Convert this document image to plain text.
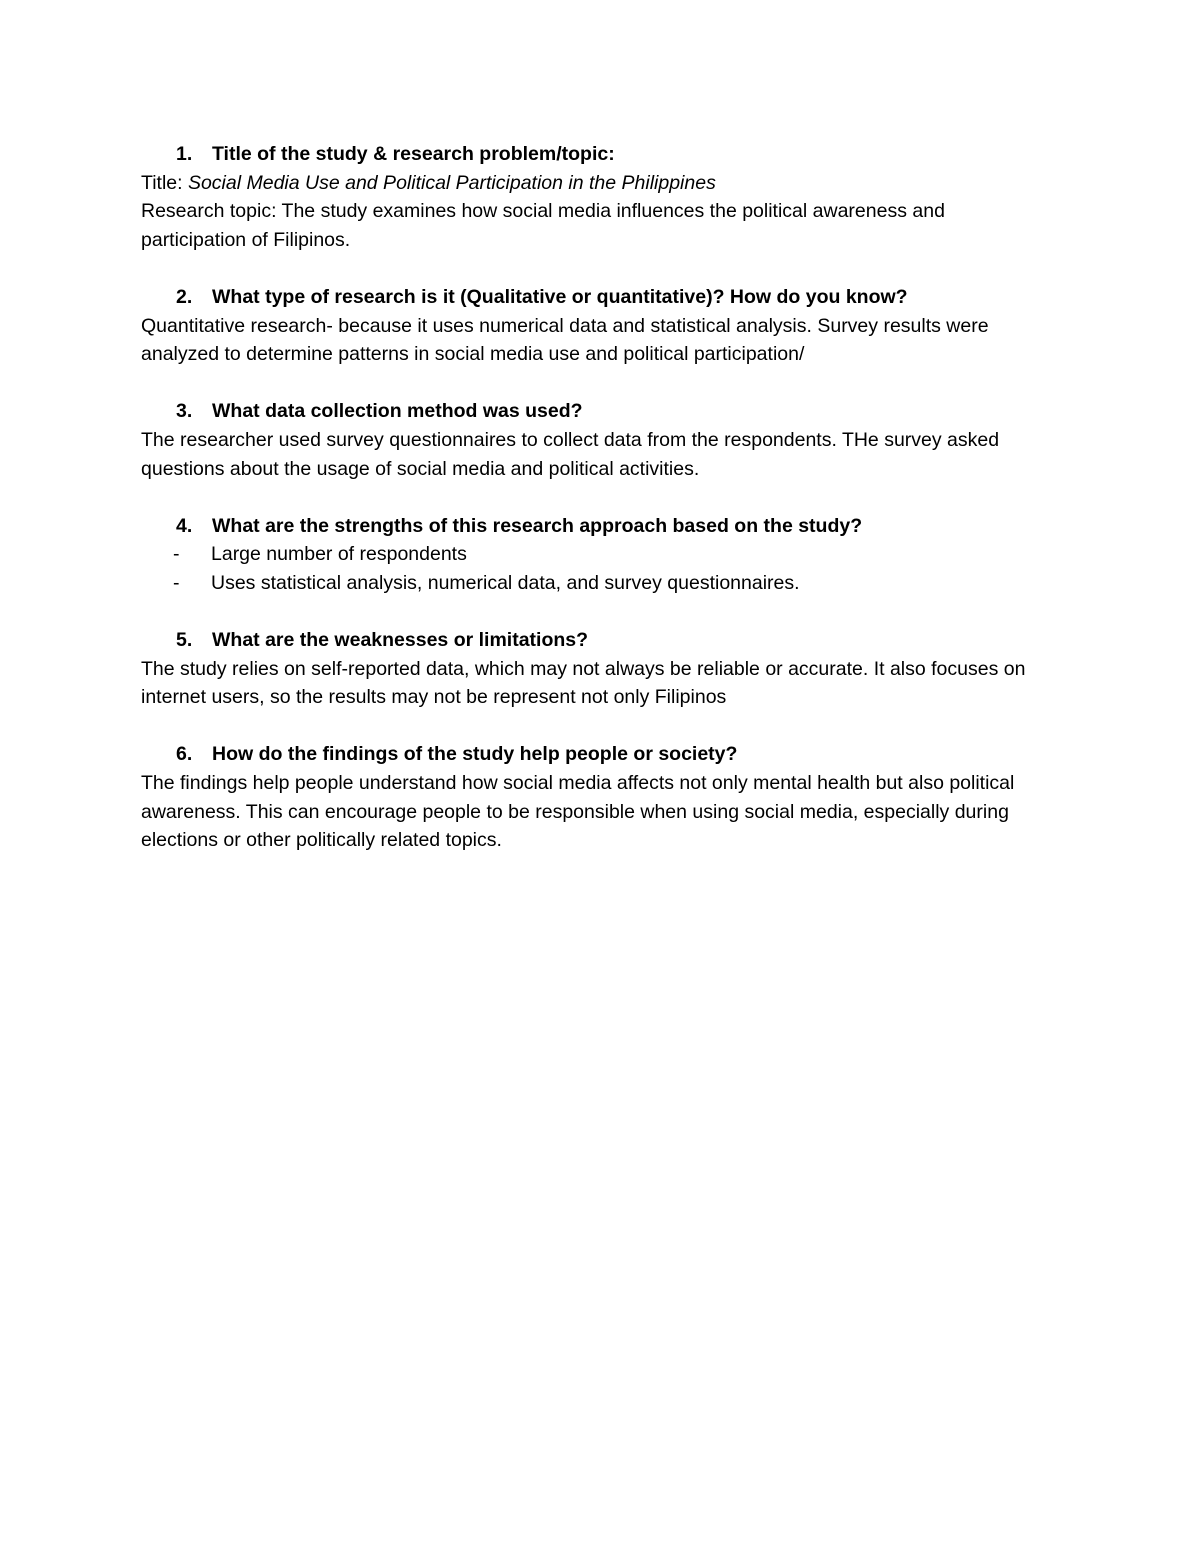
1.	Title of the study & research problem/topic:

Title: Social Media Use and Political Participation in the Philippines

Research topic: The study examines how social media influences the political awareness and participation of Filipinos.

2.	What type of research is it (Qualitative or quantitative)? How do you know?

Quantitative research- because it uses numerical data and statistical analysis. Survey results were analyzed to determine patterns in social media use and political participation/

3.	What data collection method was used?

The researcher used survey questionnaires to collect data from the respondents. THe survey asked questions about the usage of social media and political activities.

4.	What are the strengths of this research approach based on the study?
-	Large number of respondents
-	Uses statistical analysis, numerical data, and survey questionnaires.
5.	What are the weaknesses or limitations?

The study relies on self-reported data, which may not always be reliable or accurate. It also focuses on internet users, so the results may not be represent not only Filipinos

6.	How do the findings of the study help people or society?

The findings help people understand how social media affects not only mental health but also political awareness. This can encourage people to be responsible when using social media, especially during elections or other politically related topics.
